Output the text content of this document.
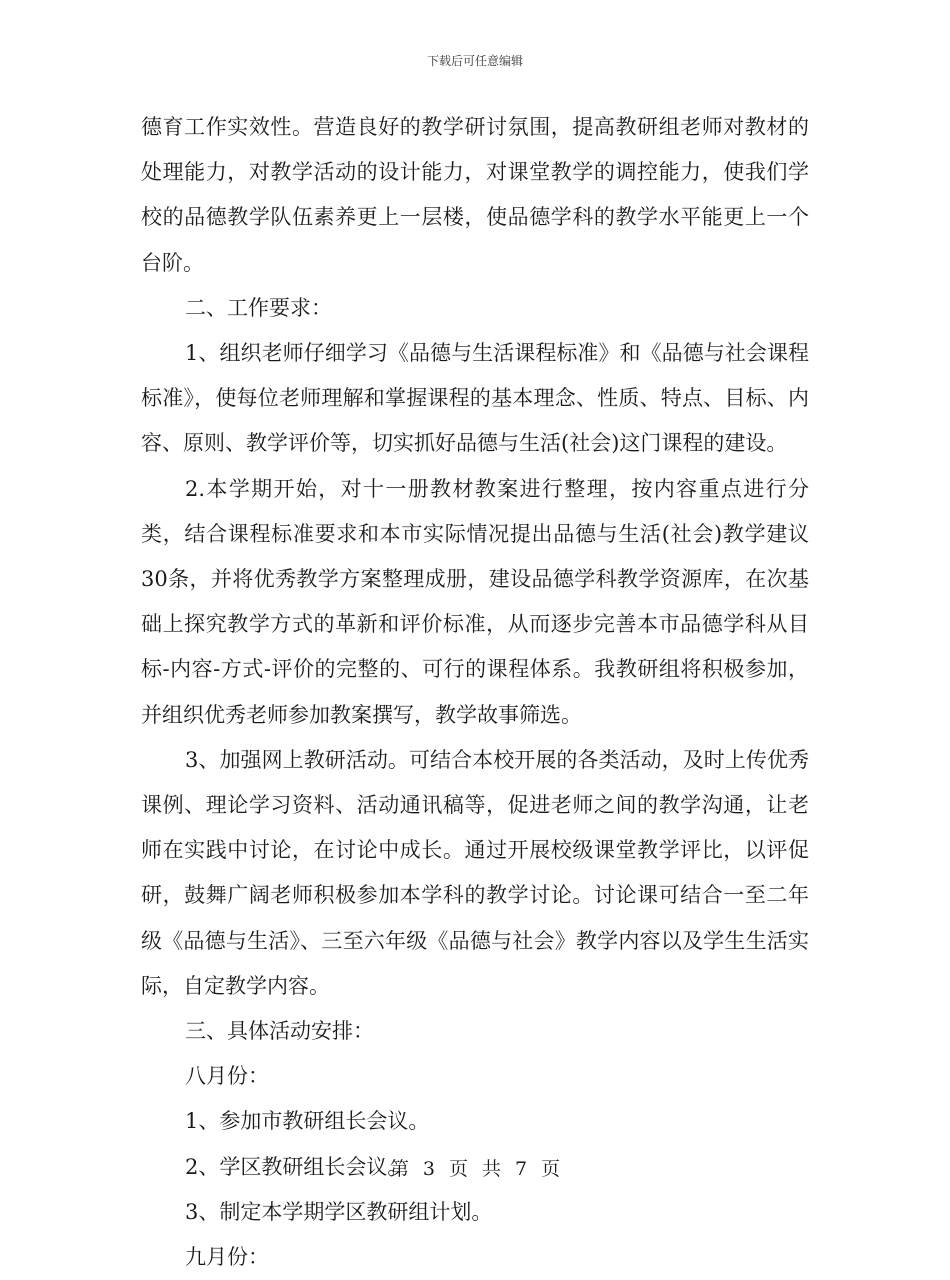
下载后可任意编辑

德育工作实效性。营造良好的教学研讨氛围，提高教研组老师对教材的处理能力，对教学活动的设计能力，对课堂教学的调控能力，使我们学校的品德教学队伍素养更上一层楼，使品德学科的教学水平能更上一个台阶。

二、工作要求：

1、组织老师仔细学习《品德与生活课程标准》和《品德与社会课程标准》，使每位老师理解和掌握课程的基本理念、性质、特点、目标、内容、原则、教学评价等，切实抓好品德与生活(社会)这门课程的建设。

2.本学期开始，对十一册教材教案进行整理，按内容重点进行分类，结合课程标准要求和本市实际情况提出品德与生活(社会)教学建议30条，并将优秀教学方案整理成册，建设品德学科教学资源库，在次基础上探究教学方式的革新和评价标准，从而逐步完善本市品德学科从目标-内容-方式-评价的完整的、可行的课程体系。我教研组将积极参加，并组织优秀老师参加教案撰写，教学故事筛选。

3、加强网上教研活动。可结合本校开展的各类活动，及时上传优秀课例、理论学习资料、活动通讯稿等，促进老师之间的教学沟通，让老师在实践中讨论，在讨论中成长。通过开展校级课堂教学评比，以评促研，鼓舞广阔老师积极参加本学科的教学讨论。讨论课可结合一至二年级《品德与生活》、三至六年级《品德与社会》教学内容以及学生生活实际，自定教学内容。

三、具体活动安排：

八月份：

1、参加市教研组长会议。

2、学区教研组长会议。

3、制定本学期学区教研组计划。

九月份：

第 3 页 共 7 页
